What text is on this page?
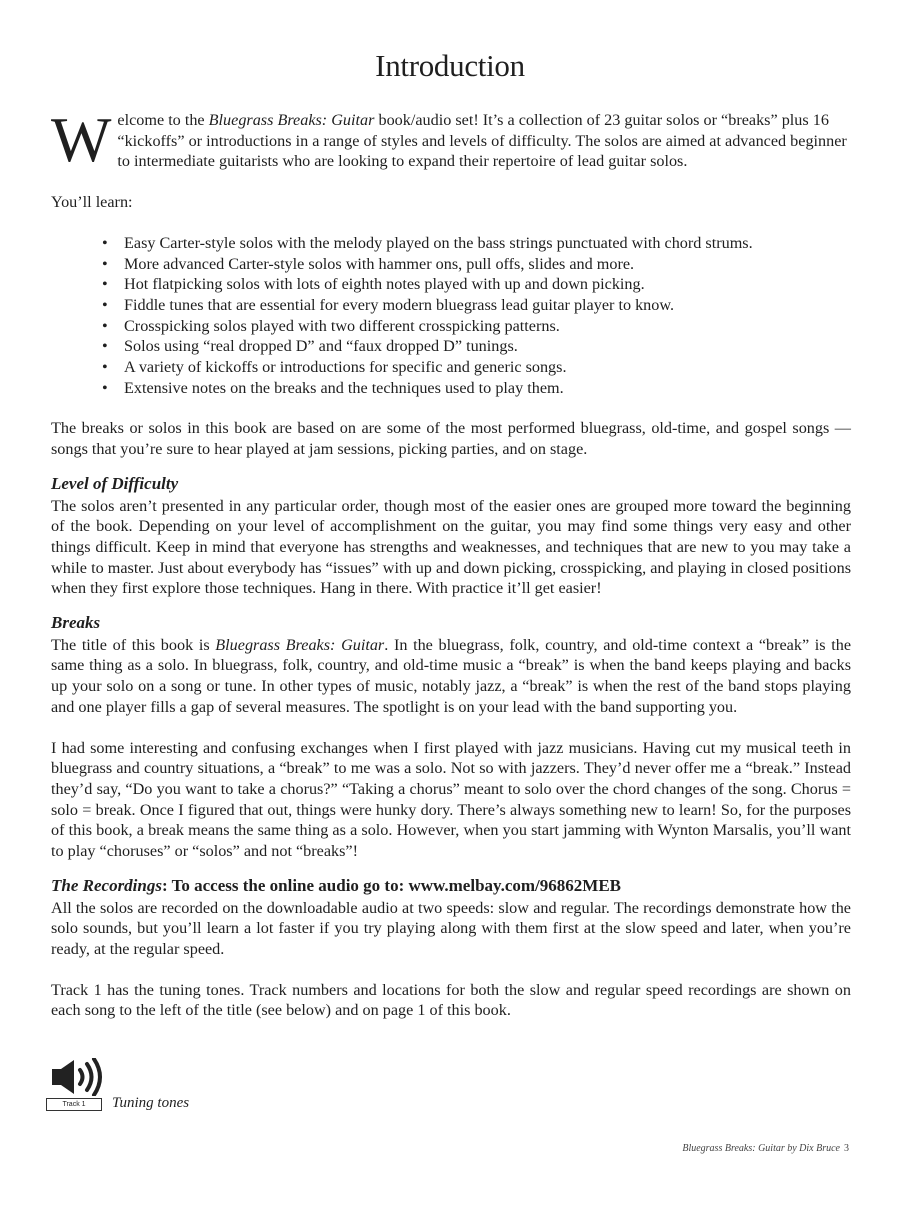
Introduction
W elcome to the Bluegrass Breaks: Guitar book/audio set! It’s a collection of 23 guitar solos or “breaks” plus 16 “kickoffs” or introductions in a range of styles and levels of difficulty. The solos are aimed at advanced beginner to intermediate guitarists who are looking to expand their repertoire of lead guitar solos.

You’ll learn:

• Easy Carter-style solos with the melody played on the bass strings punctuated with chord strums.
• More advanced Carter-style solos with hammer ons, pull offs, slides and more.
• Hot flatpicking solos with lots of eighth notes played with up and down picking.
• Fiddle tunes that are essential for every modern bluegrass lead guitar player to know.
• Crosspicking solos played with two different crosspicking patterns.
• Solos using “real dropped D” and “faux dropped D” tunings.
• A variety of kickoffs or introductions for specific and generic songs.
• Extensive notes on the breaks and the techniques used to play them.

The breaks or solos in this book are based on are some of the most performed bluegrass, old-time, and gospel songs — songs that you’re sure to hear played at jam sessions, picking parties, and on stage.

Level of Difficulty

The solos aren’t presented in any particular order, though most of the easier ones are grouped more toward the beginning of the book. Depending on your level of accomplishment on the guitar, you may find some things very easy and other things difficult. Keep in mind that everyone has strengths and weaknesses, and techniques that are new to you may take a while to master. Just about everybody has “issues” with up and down picking, crosspicking, and playing in closed positions when they first explore those techniques. Hang in there. With practice it’ll get easier!

Breaks

The title of this book is Bluegrass Breaks: Guitar. In the bluegrass, folk, country, and old-time context a “break” is the same thing as a solo. In bluegrass, folk, country, and old-time music a “break” is when the band keeps playing and backs up your solo on a song or tune. In other types of music, notably jazz, a “break” is when the rest of the band stops playing and one player fills a gap of several measures. The spotlight is on your lead with the band supporting you.

I had some interesting and confusing exchanges when I first played with jazz musicians. Having cut my musical teeth in bluegrass and country situations, a “break” to me was a solo. Not so with jazzers. They’d never offer me a “break.” Instead they’d say, “Do you want to take a chorus?” “Taking a chorus” meant to solo over the chord changes of the song. Chorus = solo = break. Once I figured that out, things were hunky dory. There’s always something new to learn! So, for the purposes of this book, a break means the same thing as a solo. However, when you start jamming with Wynton Marsalis, you’ll want to play “choruses” or “solos” and not “breaks”!

The Recordings: To access the online audio go to: www.melbay.com/96862MEB

All the solos are recorded on the downloadable audio at two speeds: slow and regular. The recordings demonstrate how the solo sounds, but you’ll learn a lot faster if you try playing along with them first at the slow speed and later, when you’re ready, at the regular speed.

Track 1 has the tuning tones. Track numbers and locations for both the slow and regular speed recordings are shown on each song to the left of the title (see below) and on page 1 of this book.

Track 1	Tuning tones
Bluegrass Breaks: Guitar by Dix Bruce 3
